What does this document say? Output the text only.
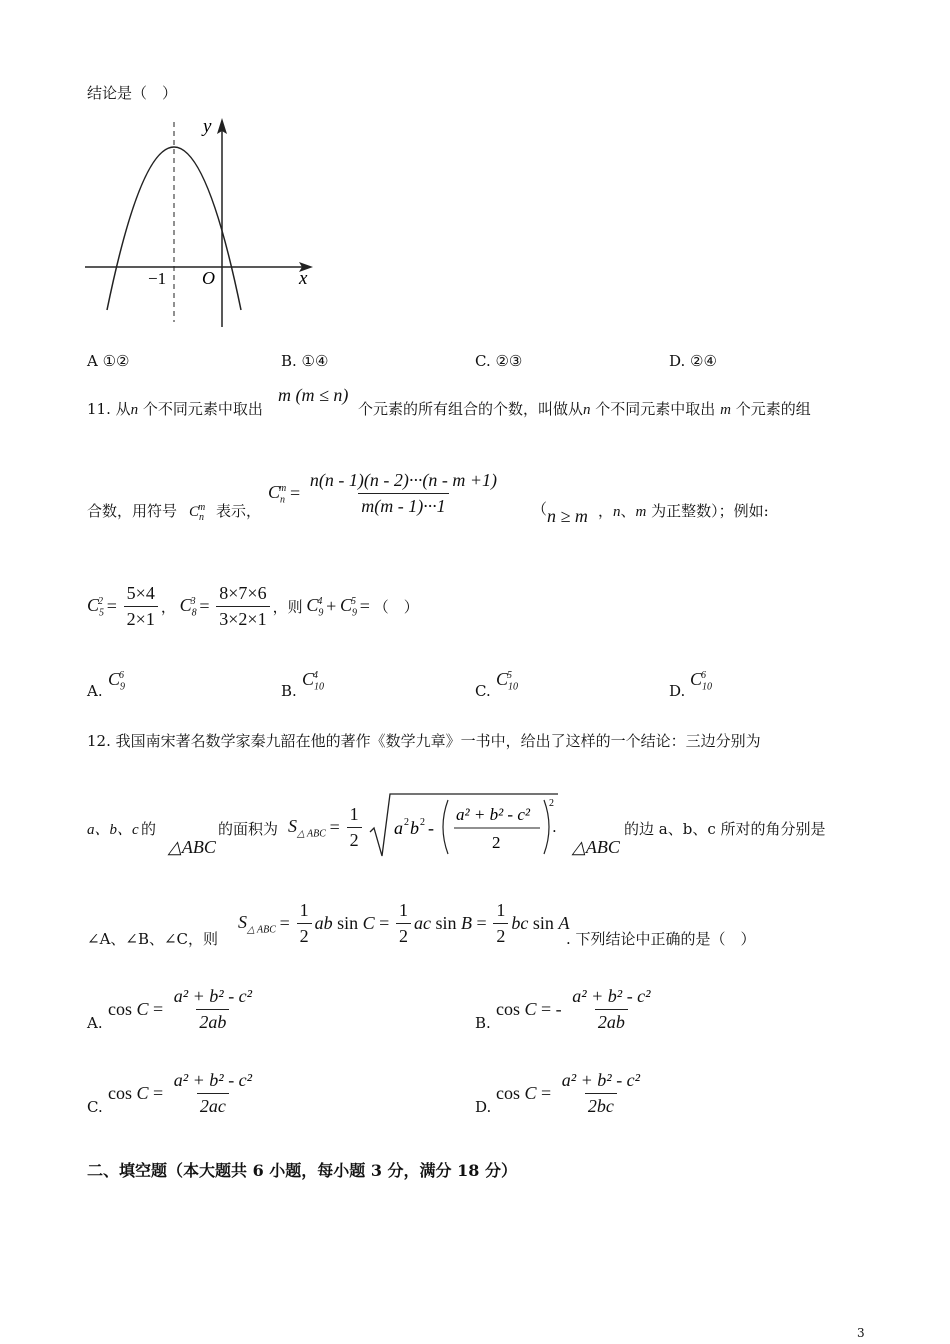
结论是（　）
y
x
−1 O
A ①②	B. ①④	C. ②③	D. ②④
11. 从n 个不同元素中取出
m (m ≤ n)
个元素的所有组合的个数，叫做从n 个不同元素中取出 m 个元素的组
合数，用符号 $C_n^m$ 表示，
$C_n^m = \frac{n(n - 1)(n - 2)\cdot\cdot\cdot(n - m +1)}{m(m - 1)\cdot\cdot\cdot 1}$ （ n ≥ m ，n、m 为正整数）；例如:
$C_5^2 = \frac{5\times 4}{2\times 1}$ ， $C_8^3 = \frac{8\times 7\times 6}{3\times 2\times 1}$ ，则 $C_9^4 + C_9^5$ = （　）
A.
$C_9^6$
B.
$C_{10}^4$
C.
$C_{10}^5$
D.
$C_{10}^6$
12. 我国南宋著名数学家秦九韶在他的著作《数学九章》一书中，给出了这样的一个结论：三边分别为
a、b、c 的
△ABC
的面积为 $S_{\triangle ABC} = \frac{1}{2}$
a 2 b 2 -
a² + b² - c²
2
2
.
△ABC
的边 a、b、c 所对的角分别是
∠A、∠B、∠C，则
$S_{\triangle ABC} = \frac{1}{2}$ ab $\sin C = \frac{1}{2}$ ac $\sin B = \frac{1}{2}$ bc sin A
. 下列结论中正确的是（　）
A.
$\cos C = \frac{\text{a² + b² - c²}}{2ab}$	B.
cos C = - $\frac{\text{a² + b² - c²}}{2ab}$
C.
$\cos C = \frac{\text{a² + b² - c²}}{2ac}$	D.
$\cos C = \frac{\text{a² + b² - c²}}{2bc}$
二、填空题（本大题共 6 小题，每小题 3 分，满分 18 分）
3
